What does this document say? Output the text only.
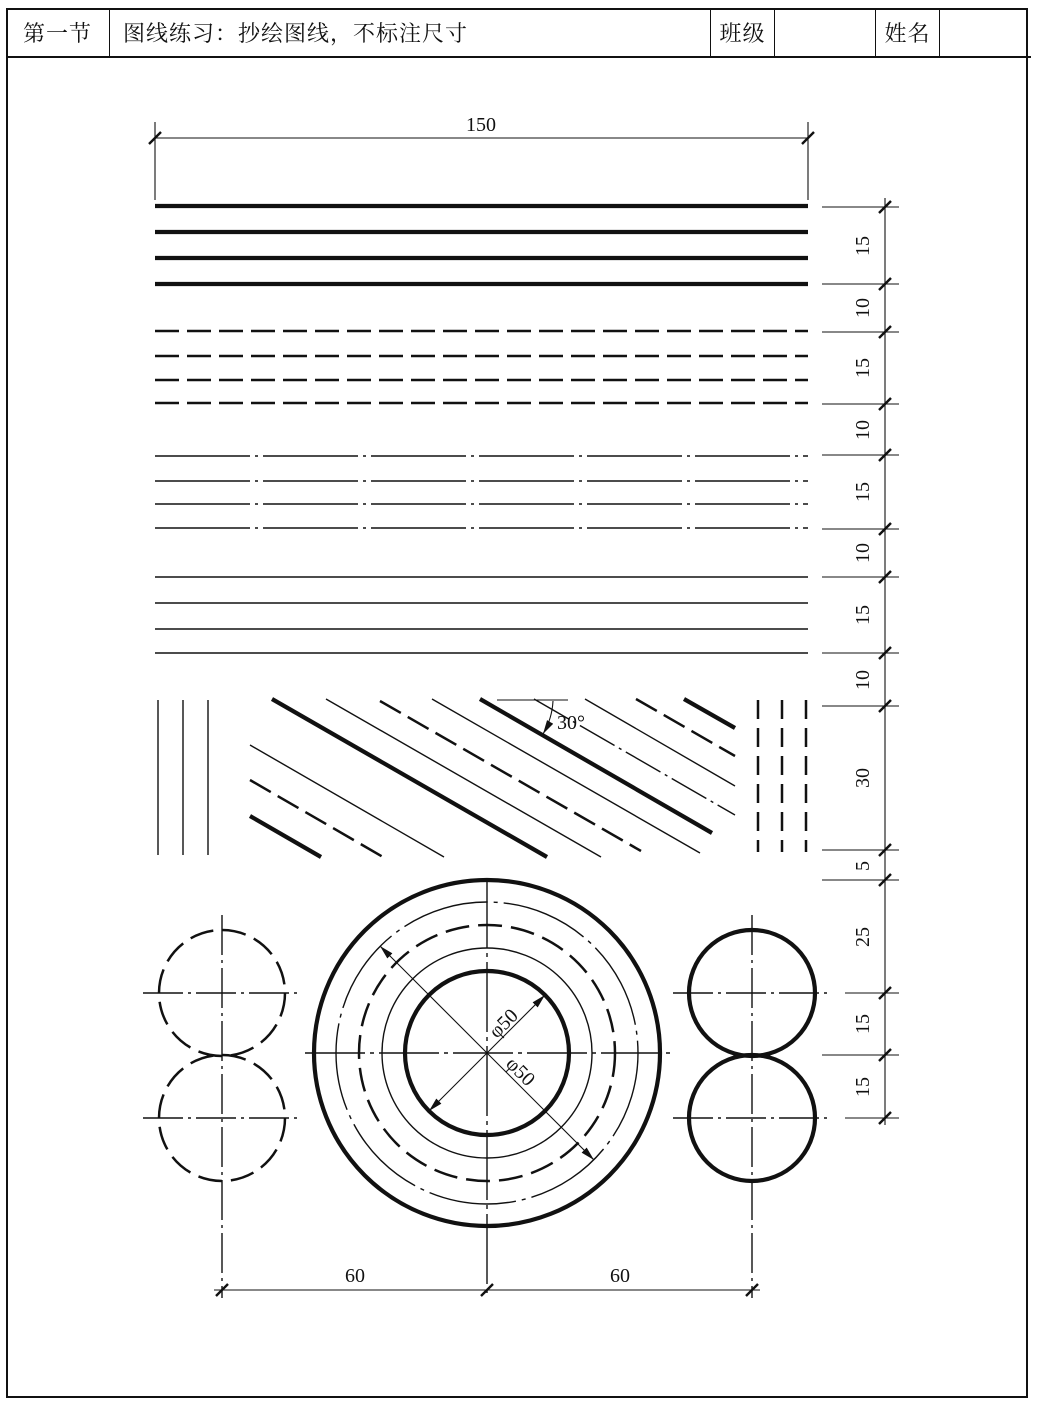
第一节	图线练习：抄绘图线，不标注尺寸	班级	姓名
150
30°
φ50
φ50
15
10
15
10
15
10
15
10
30
5
25
15
15
60	60
